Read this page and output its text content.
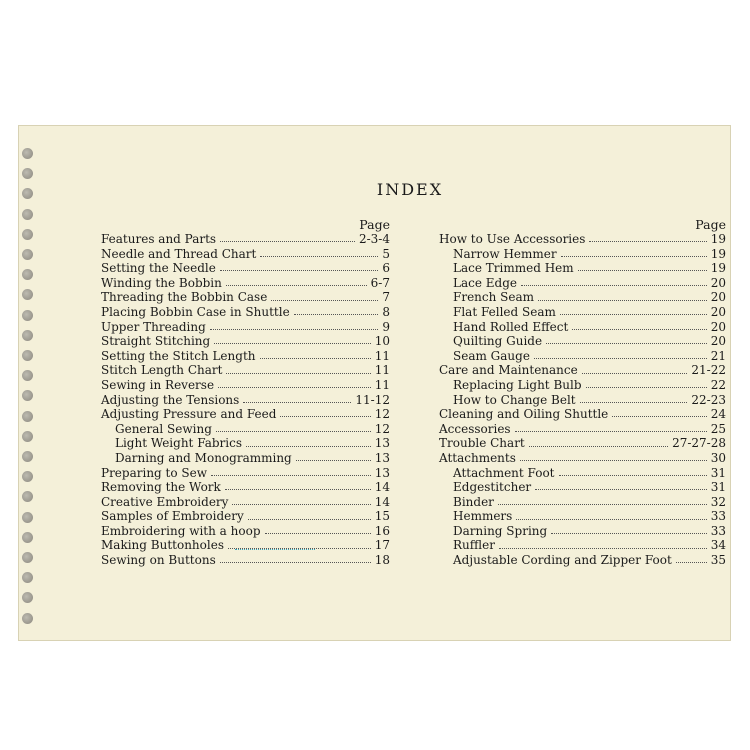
INDEX
Page
Features and Parts	2-3-4
Needle and Thread Chart	5
Setting the Needle	6
Winding the Bobbin	6-7
Threading the Bobbin Case	7
Placing Bobbin Case in Shuttle	8
Upper Threading	9
Straight Stitching	10
Setting the Stitch Length	11
Stitch Length Chart	11
Sewing in Reverse	11
Adjusting the Tensions	11-12
Adjusting Pressure and Feed	12
General Sewing	12
Light Weight Fabrics	13
Darning and Monogramming	13
Preparing to Sew	13
Removing the Work	14
Creative Embroidery	14
Samples of Embroidery	15
Embroidering with a hoop	16
Making Buttonholes	17
Sewing on Buttons	18
Page
How to Use Accessories	19
Narrow Hemmer	19
Lace Trimmed Hem	19
Lace Edge	20
French Seam	20
Flat Felled Seam	20
Hand Rolled Effect	20
Quilting Guide	20
Seam Gauge	21
Care and Maintenance	21-22
Replacing Light Bulb	22
How to Change Belt	22-23
Cleaning and Oiling Shuttle	24
Accessories	25
Trouble Chart	27-27-28
Attachments	30
Attachment Foot	31
Edgestitcher	31
Binder	32
Hemmers	33
Darning Spring	33
Ruffler	34
Adjustable Cording and Zipper Foot	35
